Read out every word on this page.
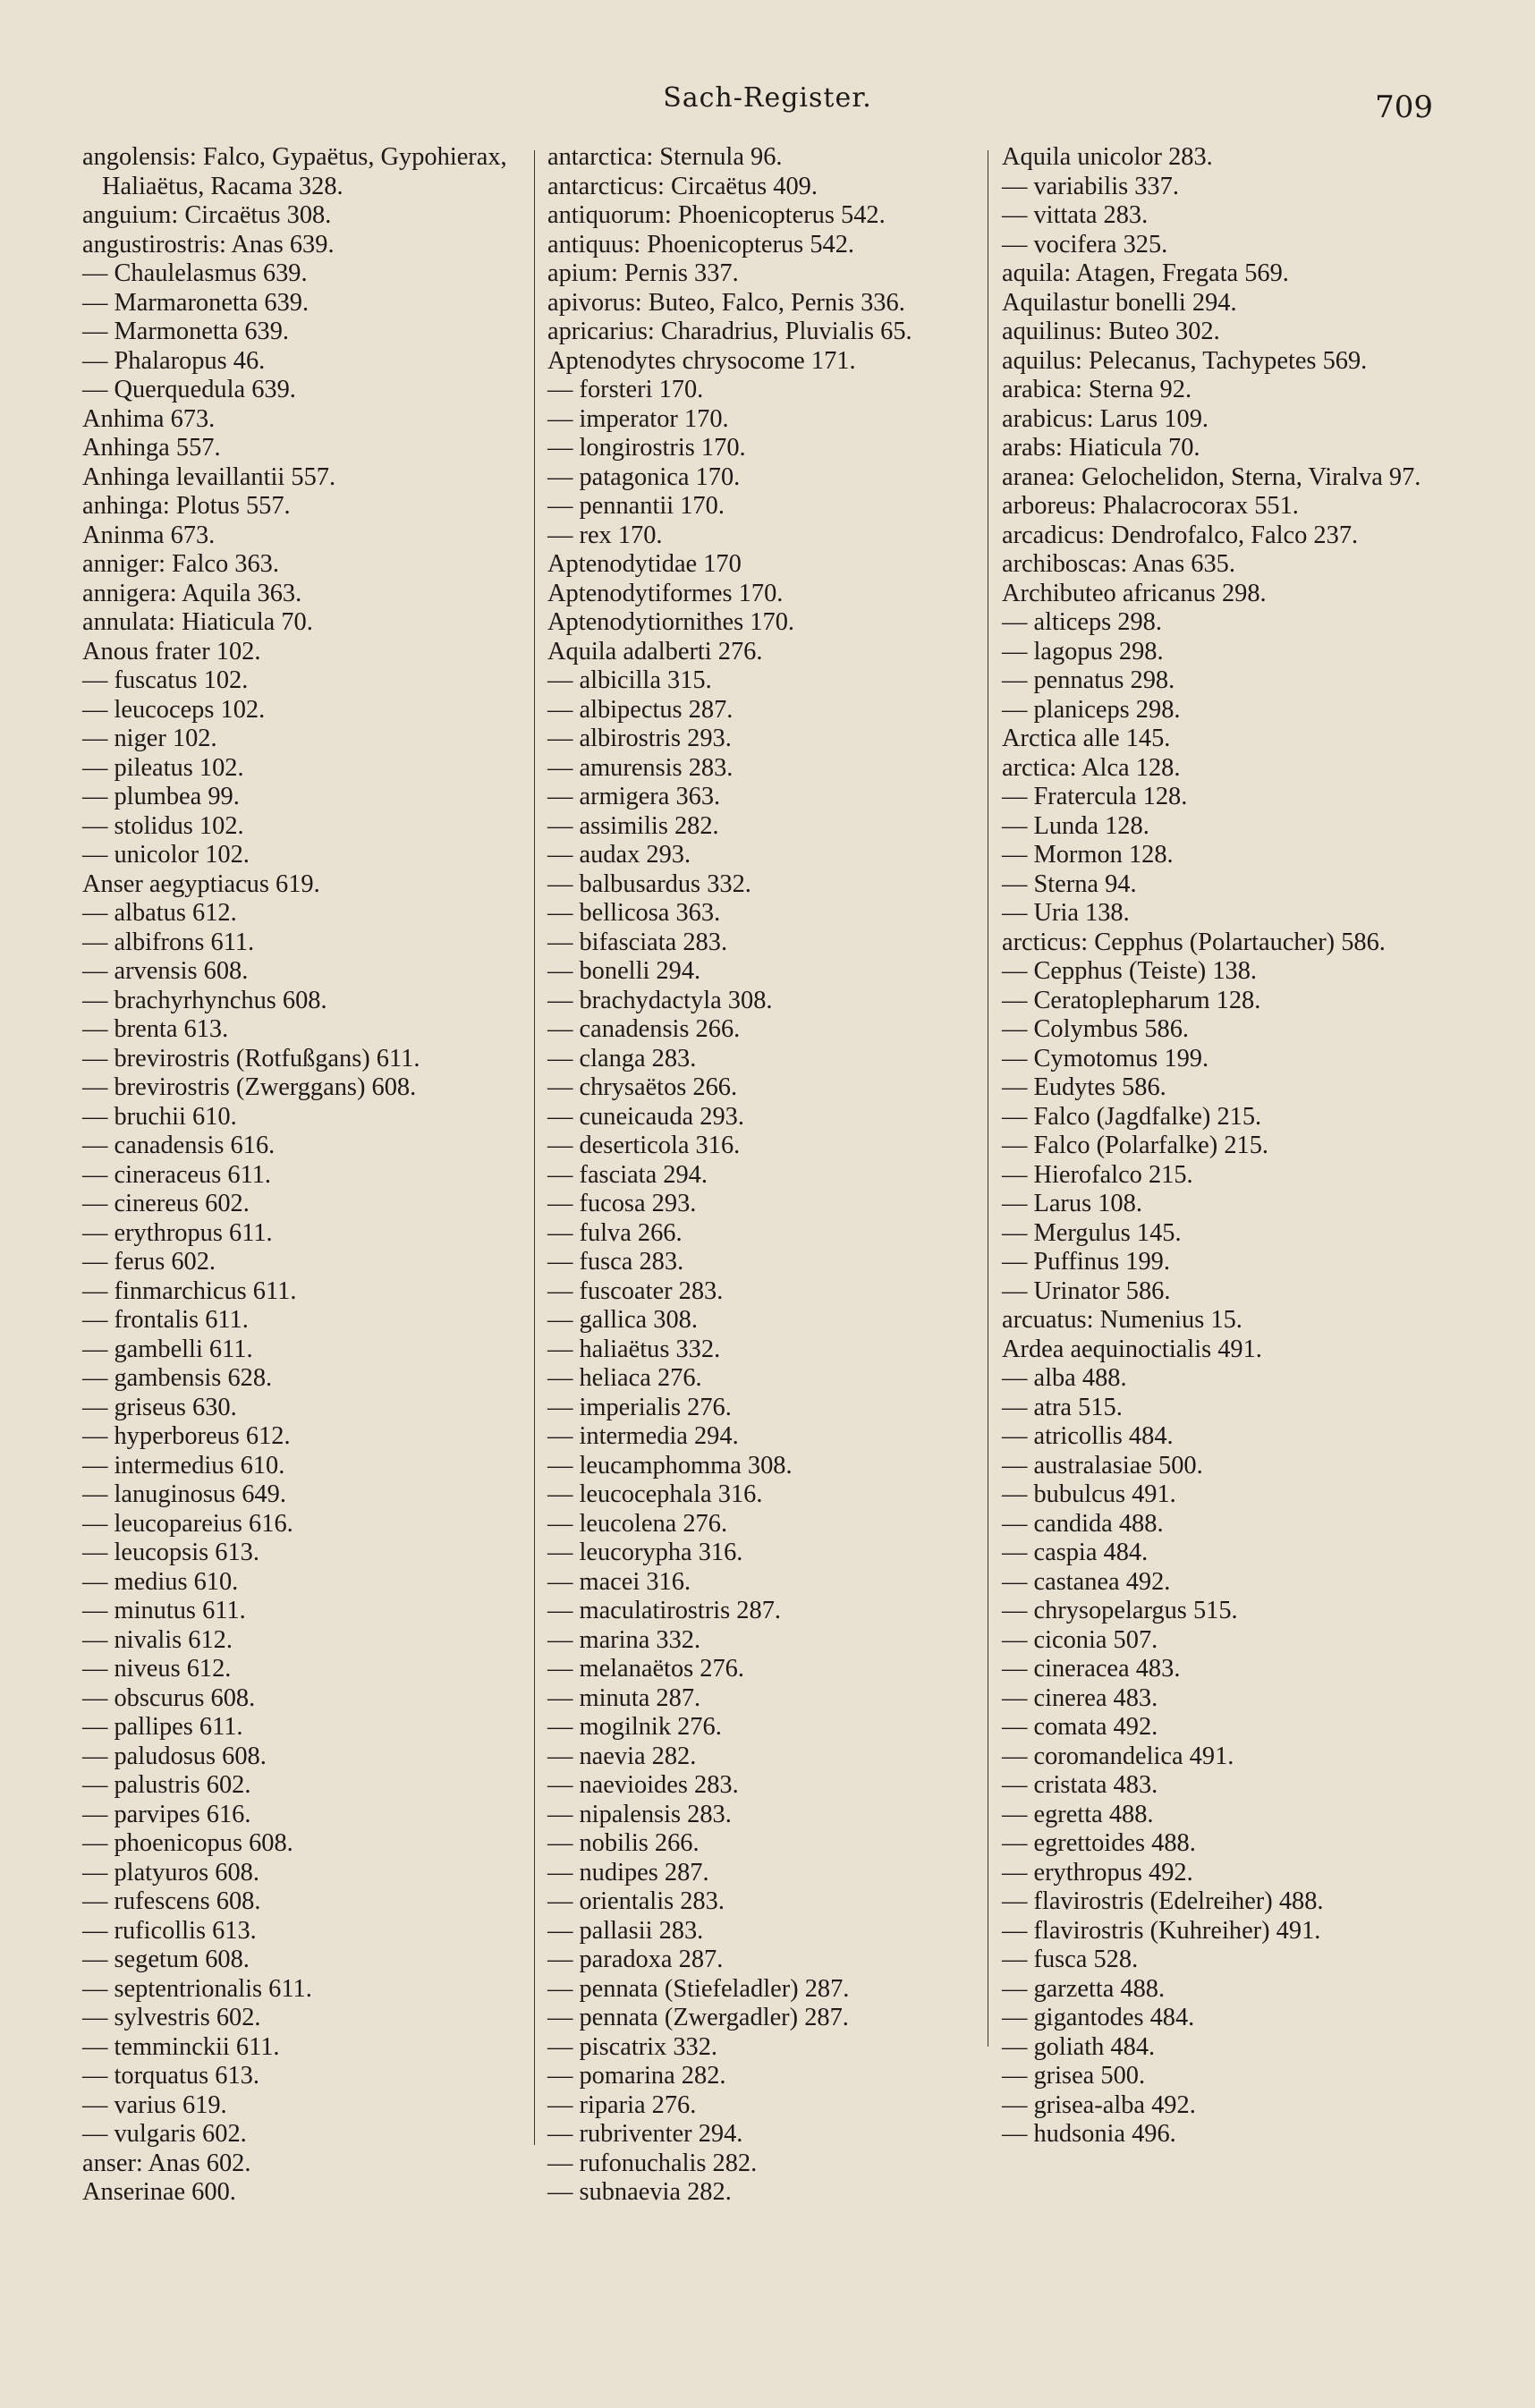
Sach-Register.	709
angolensis: Falco, Gypaëtus, Gypohierax, Haliaëtus, Racama 328.
anguium: Circaëtus 308.
angustirostris: Anas 639.
— Chaulelasmus 639.
— Marmaronetta 639.
— Marmonetta 639.
— Phalaropus 46.
— Querquedula 639.
Anhima 673.
Anhinga 557.
Anhinga levaillantii 557.
anhinga: Plotus 557.
Aninma 673.
anniger: Falco 363.
annigera: Aquila 363.
annulata: Hiaticula 70.
Anous frater 102.
— fuscatus 102.
— leucoceps 102.
— niger 102.
— pileatus 102.
— plumbea 99.
— stolidus 102.
— unicolor 102.
Anser aegyptiacus 619.
— albatus 612.
— albifrons 611.
— arvensis 608.
— brachyrhynchus 608.
— brenta 613.
— brevirostris (Rotfußgans) 611.
— brevirostris (Zwerggans) 608.
— bruchii 610.
— canadensis 616.
— cineraceus 611.
— cinereus 602.
— erythropus 611.
— ferus 602.
— finmarchicus 611.
— frontalis 611.
— gambelli 611.
— gambensis 628.
— griseus 630.
— hyperboreus 612.
— intermedius 610.
— lanuginosus 649.
— leucopareius 616.
— leucopsis 613.
— medius 610.
— minutus 611.
— nivalis 612.
— niveus 612.
— obscurus 608.
— pallipes 611.
— paludosus 608.
— palustris 602.
— parvipes 616.
— phoenicopus 608.
— platyuros 608.
— rufescens 608.
— ruficollis 613.
— segetum 608.
— septentrionalis 611.
— sylvestris 602.
— temminckii 611.
— torquatus 613.
— varius 619.
— vulgaris 602.
anser: Anas 602.
Anserinae 600.
antarctica: Sternula 96.
antarcticus: Circaëtus 409.
antiquorum: Phoenicopterus 542.
antiquus: Phoenicopterus 542.
apium: Pernis 337.
apivorus: Buteo, Falco, Pernis 336.
apricarius: Charadrius, Pluvialis 65.
Aptenodytes chrysocome 171.
— forsteri 170.
— imperator 170.
— longirostris 170.
— patagonica 170.
— pennantii 170.
— rex 170.
Aptenodytidae 170
Aptenodytiformes 170.
Aptenodytiornithes 170.
Aquila adalberti 276.
— albicilla 315.
— albipectus 287.
— albirostris 293.
— amurensis 283.
— armigera 363.
— assimilis 282.
— audax 293.
— balbusardus 332.
— bellicosa 363.
— bifasciata 283.
— bonelli 294.
— brachydactyla 308.
— canadensis 266.
— clanga 283.
— chrysaëtos 266.
— cuneicauda 293.
— deserticola 316.
— fasciata 294.
— fucosa 293.
— fulva 266.
— fusca 283.
— fuscoater 283.
— gallica 308.
— haliaëtus 332.
— heliaca 276.
— imperialis 276.
— intermedia 294.
— leucamphomma 308.
— leucocephala 316.
— leucolena 276.
— leucorypha 316.
— macei 316.
— maculatirostris 287.
— marina 332.
— melanaëtos 276.
— minuta 287.
— mogilnik 276.
— naevia 282.
— naevioides 283.
— nipalensis 283.
— nobilis 266.
— nudipes 287.
— orientalis 283.
— pallasii 283.
— paradoxa 287.
— pennata (Stiefeladler) 287.
— pennata (Zwergadler) 287.
— piscatrix 332.
— pomarina 282.
— riparia 276.
— rubriventer 294.
— rufonuchalis 282.
— subnaevia 282.
Aquila unicolor 283.
— variabilis 337.
— vittata 283.
— vocifera 325.
aquila: Atagen, Fregata 569.
Aquilastur bonelli 294.
aquilinus: Buteo 302.
aquilus: Pelecanus, Tachypetes 569.
arabica: Sterna 92.
arabicus: Larus 109.
arabs: Hiaticula 70.
aranea: Gelochelidon, Sterna, Viralva 97.
arboreus: Phalacrocorax 551.
arcadicus: Dendrofalco, Falco 237.
archiboscas: Anas 635.
Archibuteo africanus 298.
— alticeps 298.
— lagopus 298.
— pennatus 298.
— planiceps 298.
Arctica alle 145.
arctica: Alca 128.
— Fratercula 128.
— Lunda 128.
— Mormon 128.
— Sterna 94.
— Uria 138.
arcticus: Cepphus (Polartaucher) 586.
— Cepphus (Teiste) 138.
— Ceratoplepharum 128.
— Colymbus 586.
— Cymotomus 199.
— Eudytes 586.
— Falco (Jagdfalke) 215.
— Falco (Polarfalke) 215.
— Hierofalco 215.
— Larus 108.
— Mergulus 145.
— Puffinus 199.
— Urinator 586.
arcuatus: Numenius 15.
Ardea aequinoctialis 491.
— alba 488.
— atra 515.
— atricollis 484.
— australasiae 500.
— bubulcus 491.
— candida 488.
— caspia 484.
— castanea 492.
— chrysopelargus 515.
— ciconia 507.
— cineracea 483.
— cinerea 483.
— comata 492.
— coromandelica 491.
— cristata 483.
— egretta 488.
— egrettoides 488.
— erythropus 492.
— flavirostris (Edelreiher) 488.
— flavirostris (Kuhreiher) 491.
— fusca 528.
— garzetta 488.
— gigantodes 484.
— goliath 484.
— grisea 500.
— grisea-alba 492.
— hudsonia 496.
